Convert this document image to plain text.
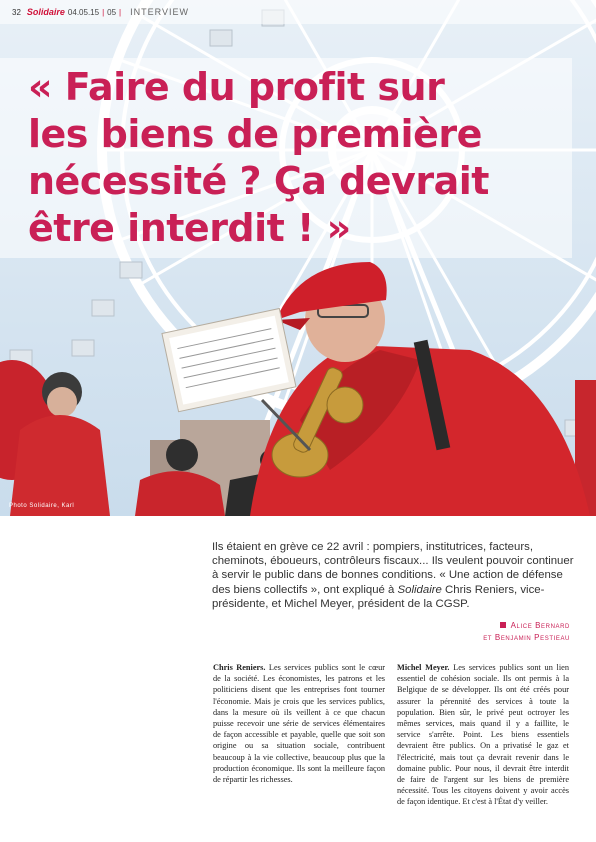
32 Solidaire 04.05.15 | 05 | INTERVIEW
« Faire du profit sur
les biens de première
nécessité ? Ça devrait
être interdit ! »
Photo Solidaire, Karl

Ils étaient en grève ce 22 avril : pompiers, institutrices, facteurs, cheminots, éboueurs, contrôleurs fiscaux... Ils veulent pouvoir continuer à servir le public dans de bonnes conditions. « Une action de défense des biens collectifs », ont expliqué à Solidaire Chris Reniers, vice-présidente, et Michel Meyer, président de la CGSP.

Alice Bernard
et Benjamin Pestieau
Chris Reniers. Les services publics sont le cœur de la société. Les économistes, les patrons et les politiciens disent que les entreprises font tourner l'économie. Mais je crois que les services publics, dans la mesure où ils veillent à ce que chacun puisse recevoir une série de services élémentaires de façon accessible et payable, quelle que soit son origine ou sa situation sociale, contribuent beaucoup à la vie collective, beaucoup plus que la production économique. Ils sont la meilleure façon de répartir les richesses.
Michel Meyer. Les services publics sont un lien essentiel de cohésion sociale. Ils ont permis à la Belgique de se développer. Ils ont été créés pour assurer la pérennité des services à toute la population. Bien sûr, le privé peut octroyer les mêmes services, mais quand il y a faillite, le service s'arrête. Point. Les biens essentiels devraient être publics. On a privatisé le gaz et l'électricité, mais tout ça devrait revenir dans le domaine public. Pour nous, il devrait être interdit de faire de l'argent sur les biens de première nécessité. Tous les citoyens doivent y avoir accès de façon identique. Et c'est à l'État d'y veiller.
